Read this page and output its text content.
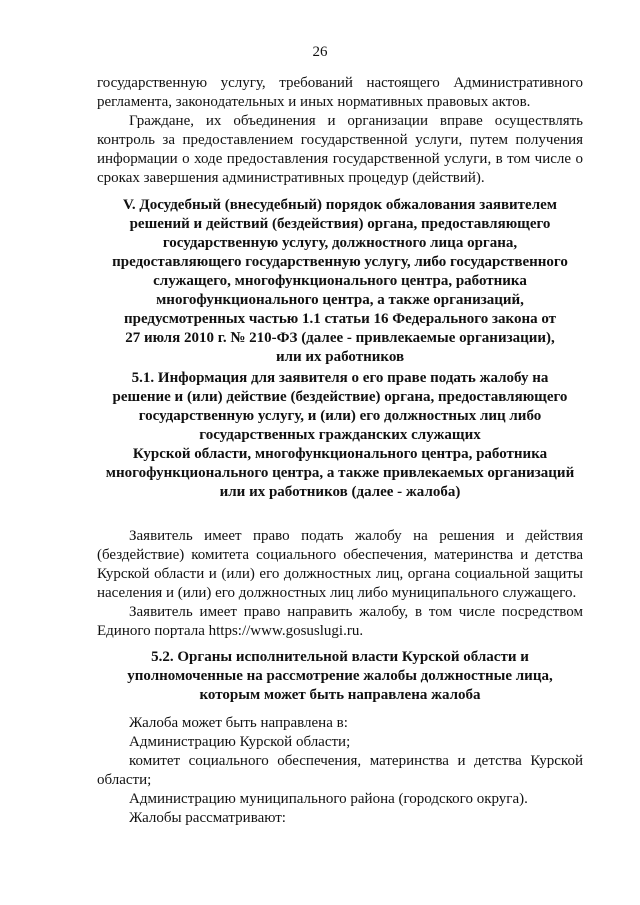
26

государственную услугу, требований настоящего Административного регламента, законодательных и иных нормативных правовых актов.

Граждане, их объединения и организации вправе осуществлять контроль за предоставлением государственной услуги, путем получения информации о ходе предоставления государственной услуги, в том числе о сроках завершения административных процедур (действий).

V. Досудебный (внесудебный) порядок обжалования заявителем
решений и действий (бездействия) органа, предоставляющего
государственную услугу, должностного лица органа,
предоставляющего государственную услугу, либо государственного
служащего, многофункционального центра, работника
многофункционального центра, а также организаций,
предусмотренных частью 1.1 статьи 16 Федерального закона от
27 июля 2010 г. № 210-ФЗ (далее - привлекаемые организации),
или их работников
5.1. Информация для заявителя о его праве подать жалобу на
решение и (или) действие (бездействие) органа, предоставляющего
государственную услугу, и (или) его должностных лиц либо
государственных гражданских служащих
Курской области, многофункционального центра, работника
многофункционального центра, а также привлекаемых организаций
или их работников (далее - жалоба)

Заявитель имеет право подать жалобу на решения и действия (бездействие) комитета социального обеспечения, материнства и детства Курской области и (или) его должностных лиц, органа социальной защиты населения и (или) его должностных лиц либо муниципального служащего.

Заявитель имеет право направить жалобу, в том числе посредством Единого портала https://www.gosuslugi.ru.

5.2. Органы исполнительной власти Курской области и
уполномоченные на рассмотрение жалобы должностные лица,
которым может быть направлена жалоба

Жалоба может быть направлена в:

Администрацию Курской области;

комитет социального обеспечения, материнства и детства Курской области;

Администрацию муниципального района (городского округа).

Жалобы рассматривают:
